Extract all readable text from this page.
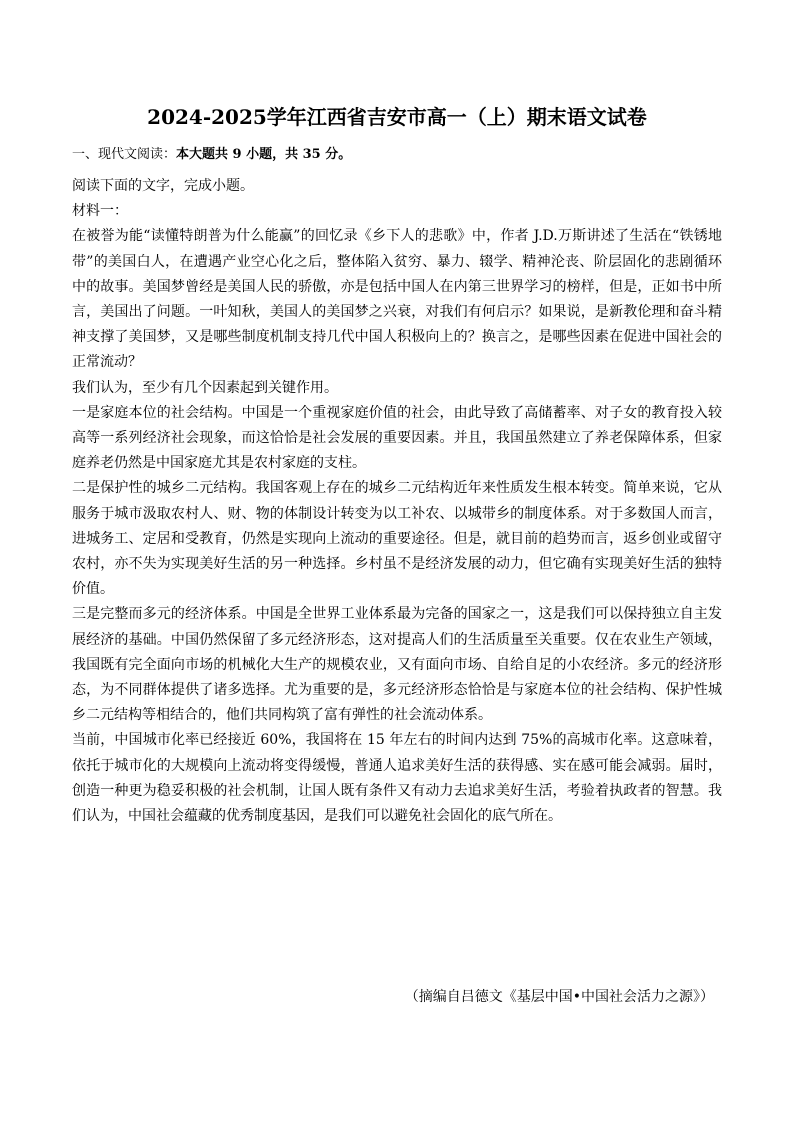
2024-2025学年江西省吉安市高一（上）期末语文试卷
一、现代文阅读：本大题共 9 小题，共 35 分。

阅读下面的文字，完成小题。

材料一：

在被誉为能“读懂特朗普为什么能赢”的回忆录《乡下人的悲歌》中，作者 J.D.万斯讲述了生活在“铁锈地带”的美国白人，在遭遇产业空心化之后，整体陷入贫穷、暴力、辍学、精神沦丧、阶层固化的悲剧循环中的故事。美国梦曾经是美国人民的骄傲，亦是包括中国人在内第三世界学习的榜样，但是，正如书中所言，美国出了问题。一叶知秋，美国人的美国梦之兴衰，对我们有何启示？如果说，是新教伦理和奋斗精神支撑了美国梦，又是哪些制度机制支持几代中国人积极向上的？换言之，是哪些因素在促进中国社会的正常流动？

我们认为，至少有几个因素起到关键作用。

一是家庭本位的社会结构。中国是一个重视家庭价值的社会，由此导致了高储蓄率、对子女的教育投入较高等一系列经济社会现象，而这恰恰是社会发展的重要因素。并且，我国虽然建立了养老保障体系，但家庭养老仍然是中国家庭尤其是农村家庭的支柱。

二是保护性的城乡二元结构。我国客观上存在的城乡二元结构近年来性质发生根本转变。简单来说，它从服务于城市汲取农村人、财、物的体制设计转变为以工补农、以城带乡的制度体系。对于多数国人而言，进城务工、定居和受教育，仍然是实现向上流动的重要途径。但是，就目前的趋势而言，返乡创业或留守农村，亦不失为实现美好生活的另一种选择。乡村虽不是经济发展的动力，但它确有实现美好生活的独特价值。

三是完整而多元的经济体系。中国是全世界工业体系最为完备的国家之一，这是我们可以保持独立自主发展经济的基础。中国仍然保留了多元经济形态，这对提高人们的生活质量至关重要。仅在农业生产领域，我国既有完全面向市场的机械化大生产的规模农业，又有面向市场、自给自足的小农经济。多元的经济形态，为不同群体提供了诸多选择。尤为重要的是，多元经济形态恰恰是与家庭本位的社会结构、保护性城乡二元结构等相结合的，他们共同构筑了富有弹性的社会流动体系。

当前，中国城市化率已经接近 60%，我国将在 15 年左右的时间内达到 75%的高城市化率。这意味着，依托于城市化的大规模向上流动将变得缓慢，普通人追求美好生活的获得感、实在感可能会减弱。届时，创造一种更为稳妥积极的社会机制，让国人既有条件又有动力去追求美好生活，考验着执政者的智慧。我们认为，中国社会蕴藏的优秀制度基因，是我们可以避免社会固化的底气所在。

（摘编自吕德文《基层中国•中国社会活力之源》）
